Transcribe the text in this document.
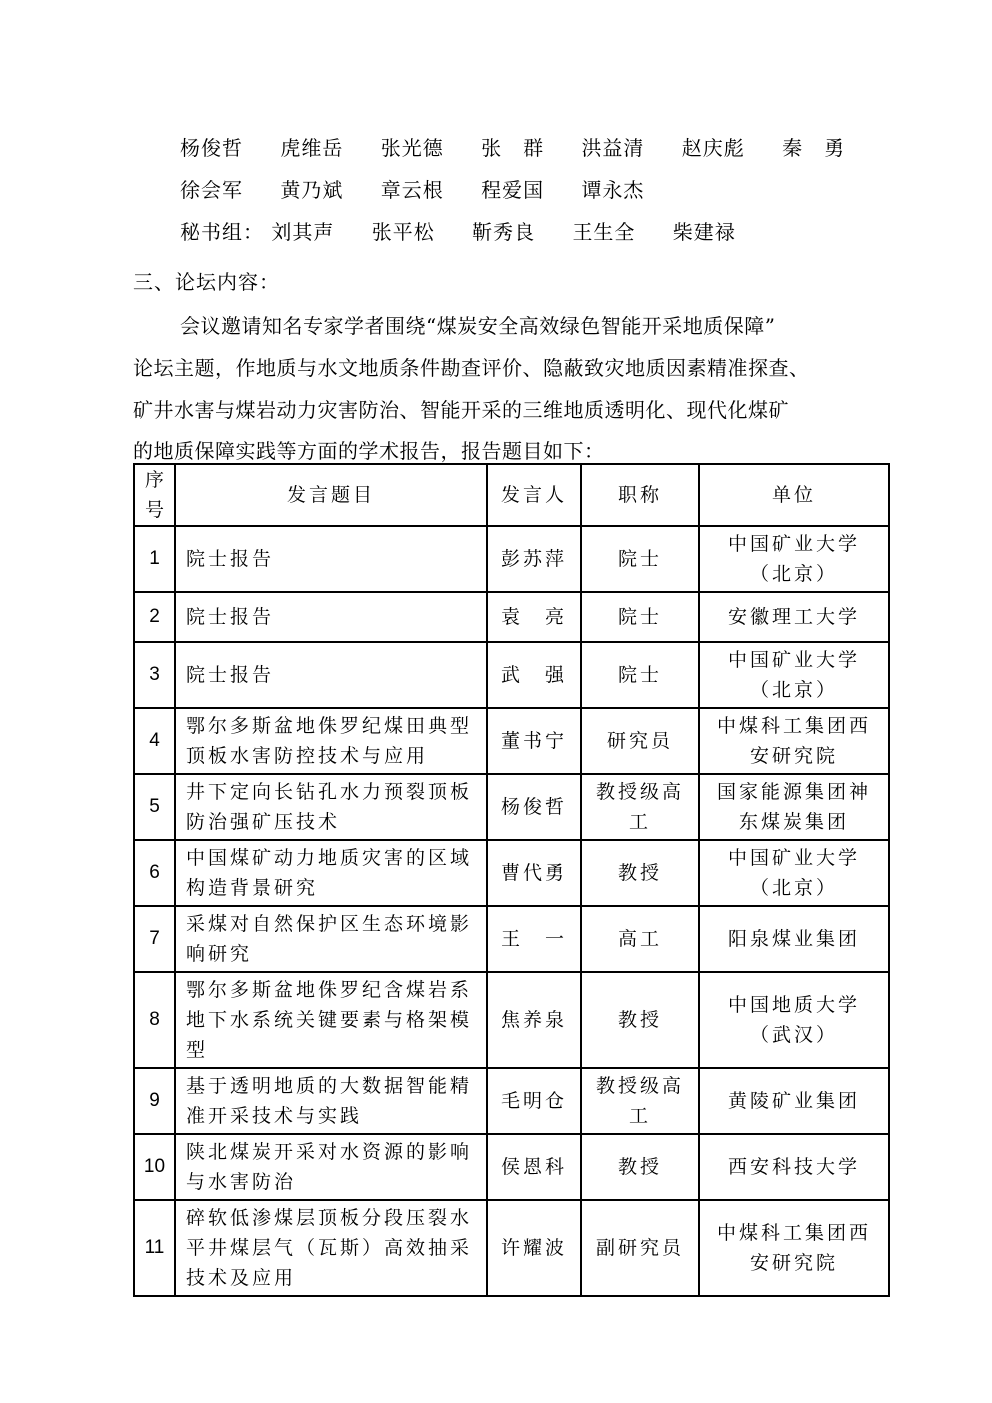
杨俊哲 虎维岳 张光德 张　群 洪益清 赵庆彪 秦　勇
徐会军 黄乃斌 章云根 程爱国 谭永杰
秘书组： 刘其声 张平松 靳秀良 王生全 柴建禄
三、论坛内容：
会议邀请知名专家学者围绕“煤炭安全高效绿色智能开采地质保障”
论坛主题，作地质与水文地质条件勘查评价、隐蔽致灾地质因素精准探查、
矿井水害与煤岩动力灾害防治、智能开采的三维地质透明化、现代化煤矿
的地质保障实践等方面的学术报告，报告题目如下：
序号	发言题目	发言人	职称	单位
1	院士报告	彭苏萍	院士	中国矿业大学（北京）
2	院士报告	袁　亮	院士	安徽理工大学
3	院士报告	武　强	院士	中国矿业大学（北京）
4	鄂尔多斯盆地侏罗纪煤田典型顶板水害防控技术与应用	董书宁	研究员	中煤科工集团西安研究院
5	井下定向长钻孔水力预裂顶板防治强矿压技术	杨俊哲	教授级高工	国家能源集团神东煤炭集团
6	中国煤矿动力地质灾害的区域构造背景研究	曹代勇	教授	中国矿业大学（北京）
7	采煤对自然保护区生态环境影响研究	王　一	高工	阳泉煤业集团
8	鄂尔多斯盆地侏罗纪含煤岩系地下水系统关键要素与格架模型	焦养泉	教授	中国地质大学（武汉）
9	基于透明地质的大数据智能精准开采技术与实践	毛明仓	教授级高工	黄陵矿业集团
10	陕北煤炭开采对水资源的影响与水害防治	侯恩科	教授	西安科技大学
11	碎软低渗煤层顶板分段压裂水平井煤层气（瓦斯）高效抽采技术及应用	许耀波	副研究员	中煤科工集团西安研究院
